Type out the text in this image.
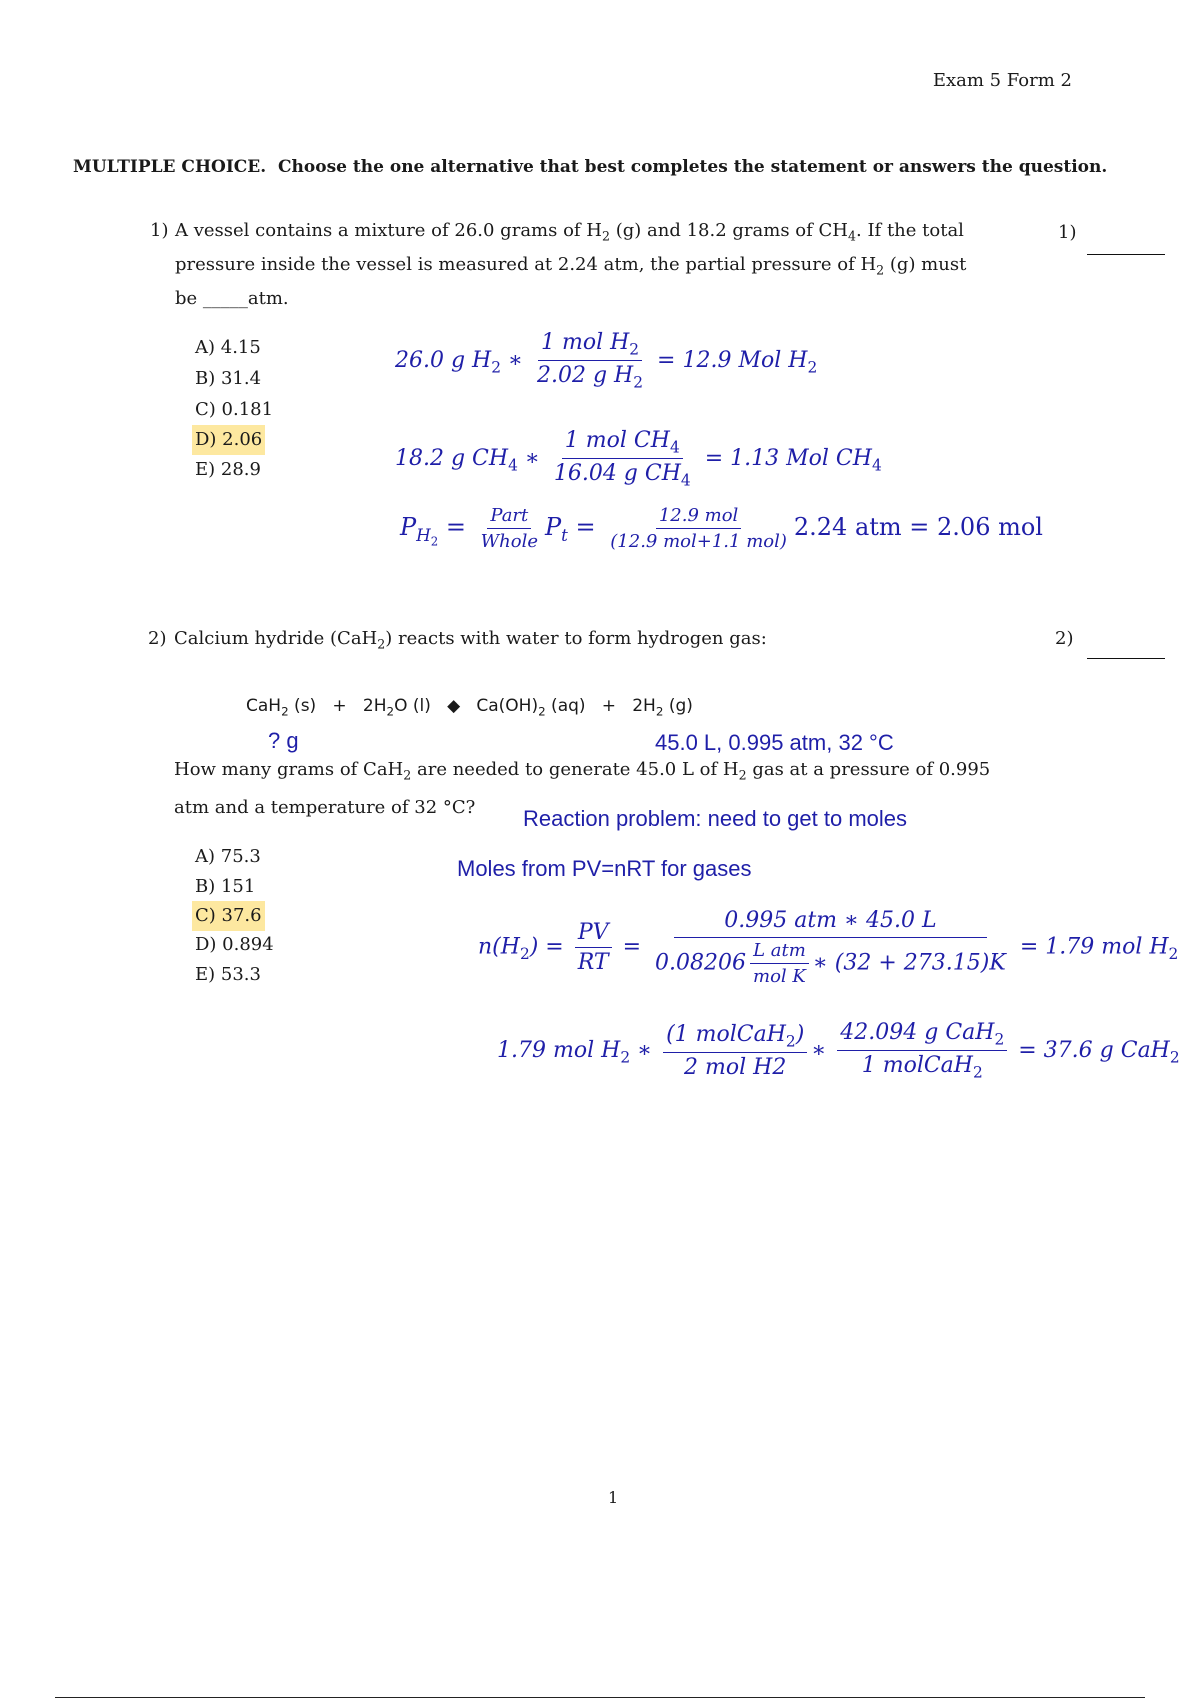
Exam 5 Form 2
MULTIPLE CHOICE. Choose the one alternative that best completes the statement or answers the question.
1) A vessel contains a mixture of 26.0 grams of $H_2$ (g) and 18.2 grams of $CH_4$. If the total
pressure inside the vessel is measured at 2.24 atm, the partial pressure of $H_2$ (g) must
be _____atm.
1)
A) 4.15
B) 31.4
C) 0.181
D) 2.06
E) 28.9
26.0 g $H_2$ ∗ $\frac{1 mol H_2}{2.02 g H_2} = 12.9$ Mol $H_2$
18.2 g $CH_4$ ∗ $\frac{1 mol CH_4}{16.04 g CH_4} = 1.13$ Mol $CH_4$
$P_{H_2} = \frac{\text{Part}}{\text{Whole}} P_t = \frac{\text{12.9 mol}}{\text{(12.9 mol+1.1 mol)}} 2.24$ atm = 2.06 mol
2) Calcium hydride (CaH$_2$) reacts with water to form hydrogen gas:	2)
CaH$_2$ $(s) + 2H_2O$ (l) ◆ $Ca(OH)_2$ $(aq) + 2H_2$ (g)
? g	45.0 L, 0.995 atm, 32 °C
How many grams of CaH$_2$ are needed to generate 45.0 L of $H_2$ gas at a pressure of 0.995
atm and a temperature of 32 °C? Reaction problem: need to get to moles
Moles from PV=nRT for gases
A) 75.3
B) 151
C) 37.6
D) 0.894
E) 53.3
$n(H_2) = \frac{PV}{RT} = \frac{\text{0.995 atm ∗ 45.0 L}}{0.08206 \frac{\text{L atm}}{\text{mol K}} ∗ (32 + 273.15)K} = 1.79$ mol $H_2$
1.79 mol $H_2$ ∗ $\frac{(1 molCaH_2)}{\text{2 mol H2}}$ ∗ $\frac{42.094 g CaH_2}{1 molCaH_2} = 37.6$ g CaH$_2$
1
